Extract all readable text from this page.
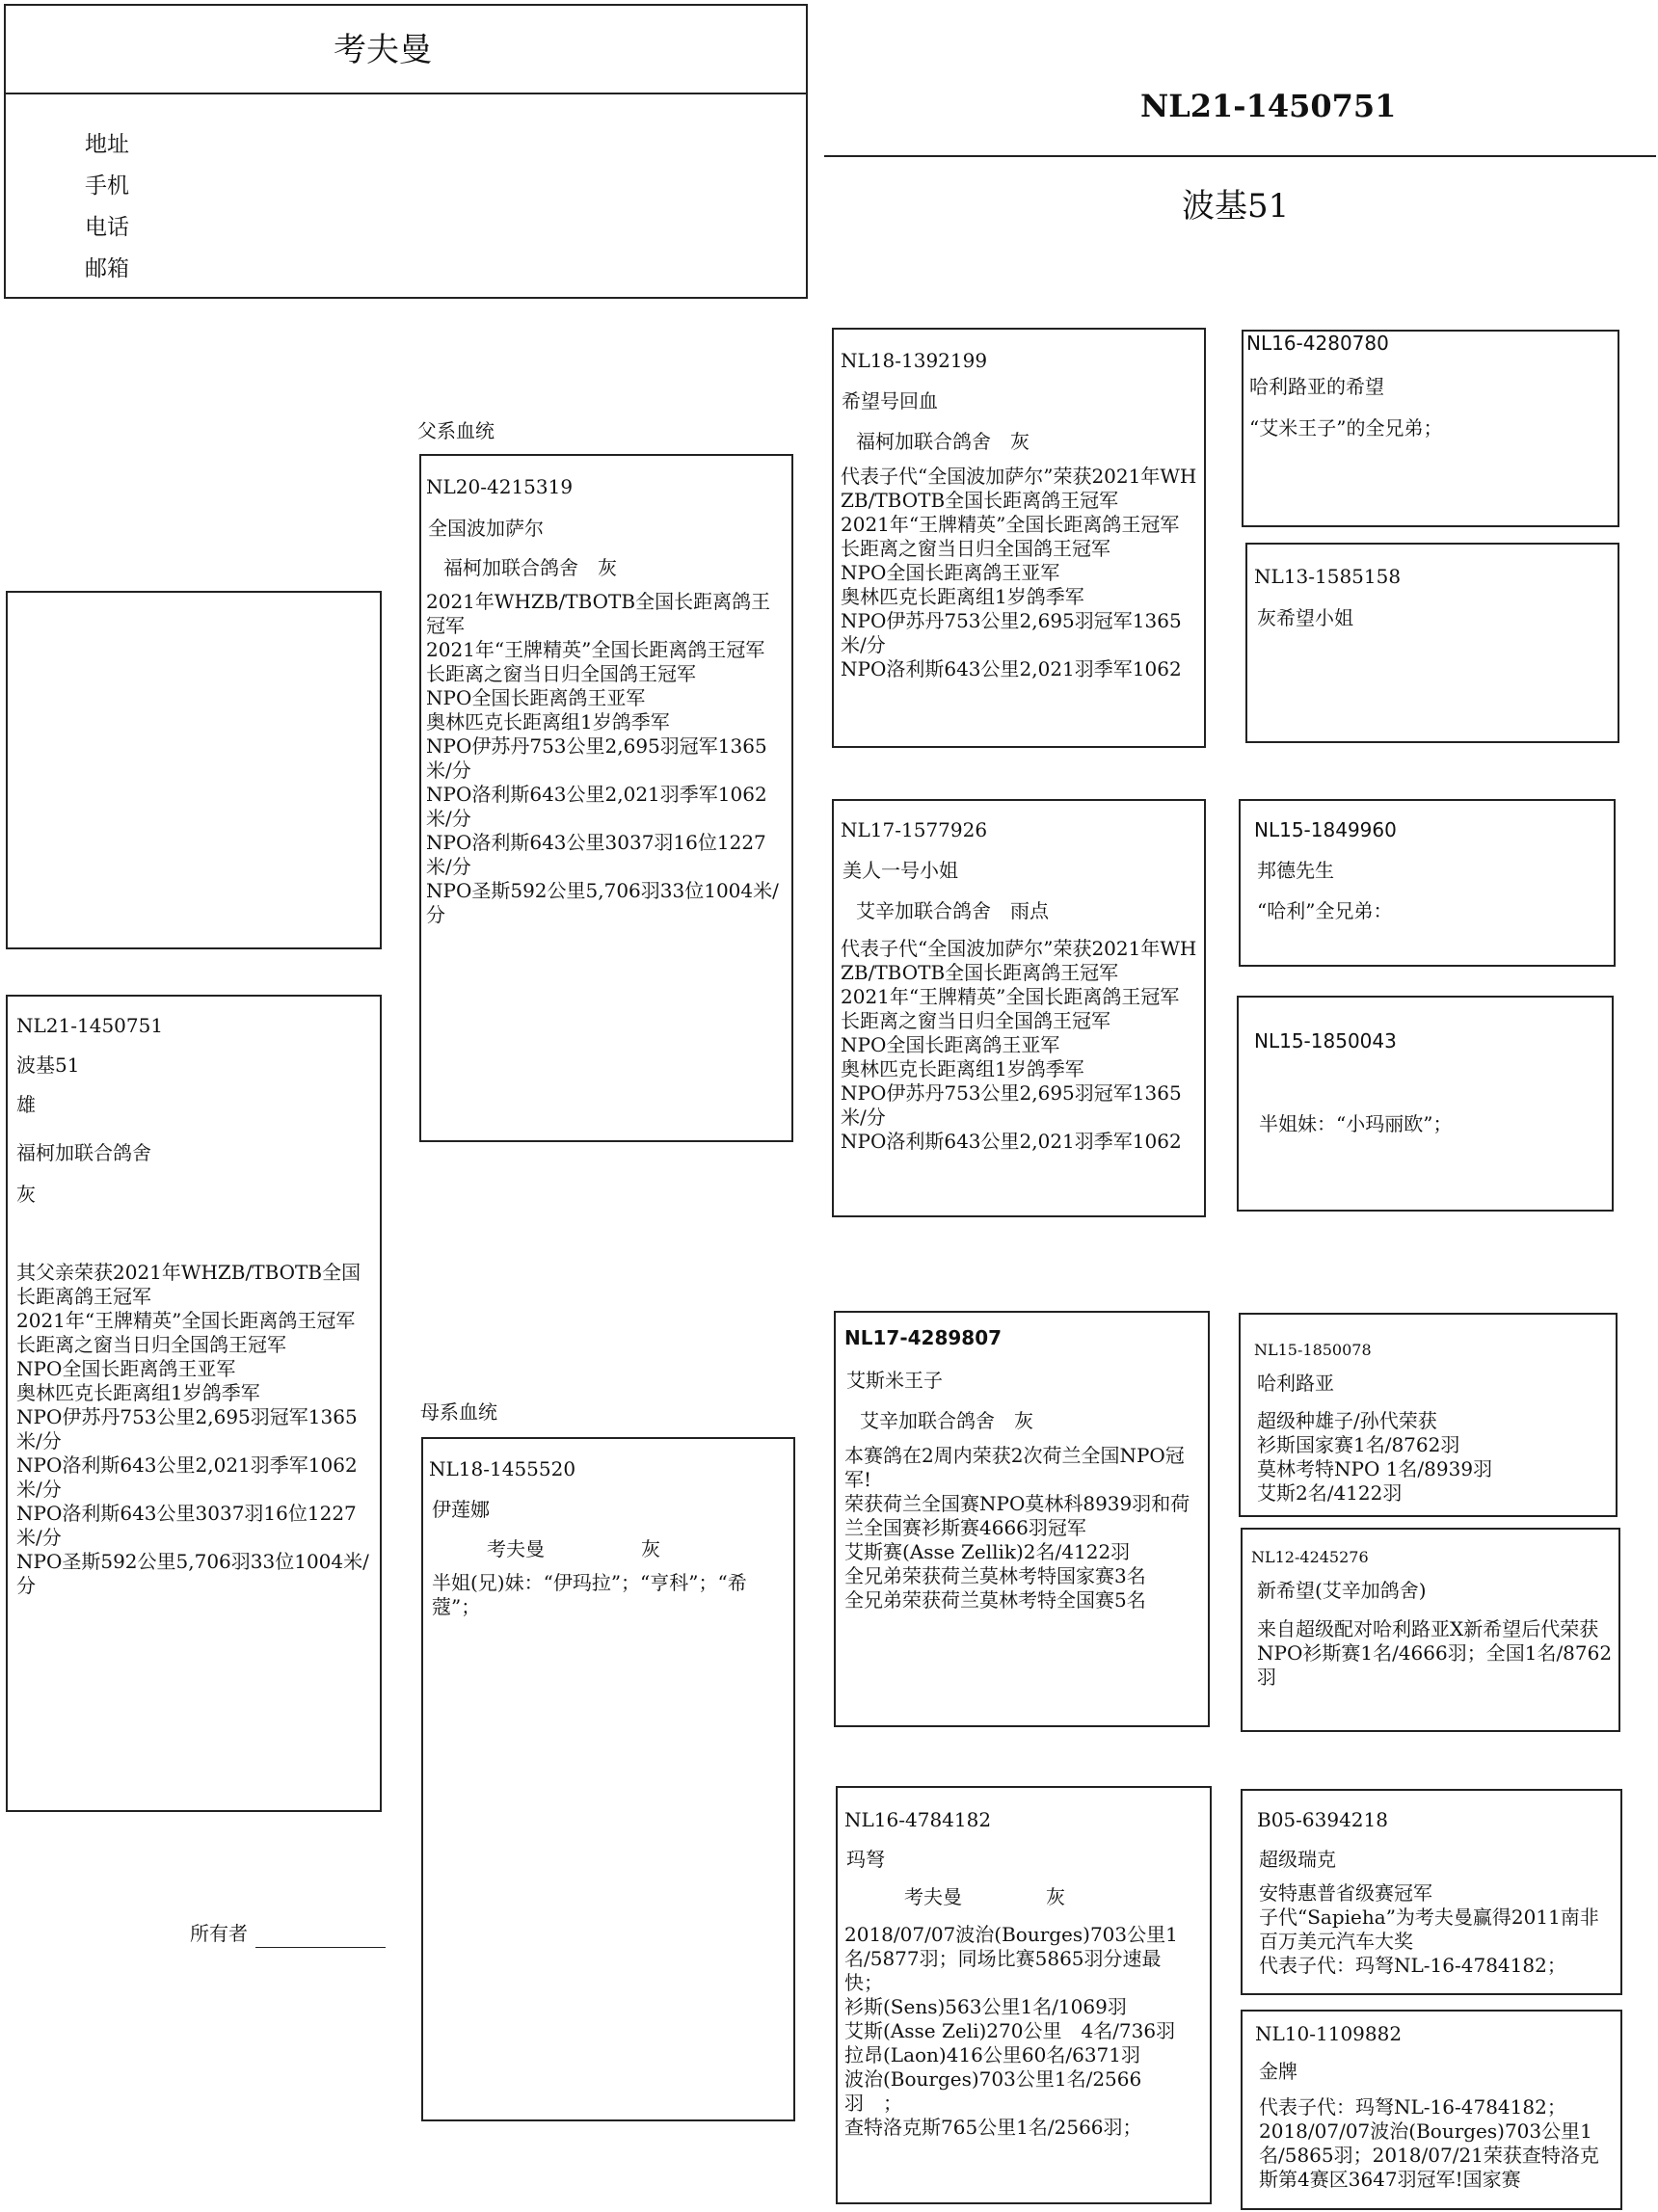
考夫曼
地址
手机
电话
邮箱
NL21-1450751
波基51
NL21-1450751
波基51
雄
福柯加联合鸽舍
灰
其父亲荣获2021年WHZB/TBOTB全国长距离鸽王冠军
2021年“王牌精英”全国长距离鸽王冠军
长距离之窗当日归全国鸽王冠军
NPO全国长距离鸽王亚军
奥林匹克长距离组1岁鸽季军
NPO伊苏丹753公里2,695羽冠军1365米/分
NPO洛利斯643公里2,021羽季军1062米/分
NPO洛利斯643公里3037羽16位1227米/分
NPO圣斯592公里5,706羽33位1004米/分
所有者
父系血统
NL20-4215319
全国波加萨尔
福柯加联合鸽舍　灰
2021年WHZB/TBOTB全国长距离鸽王冠军
2021年“王牌精英”全国长距离鸽王冠军
长距离之窗当日归全国鸽王冠军
NPO全国长距离鸽王亚军
奥林匹克长距离组1岁鸽季军
NPO伊苏丹753公里2,695羽冠军1365米/分
NPO洛利斯643公里2,021羽季军1062米/分
NPO洛利斯643公里3037羽16位1227米/分
NPO圣斯592公里5,706羽33位1004米/分
母系血统
NL18-1455520
伊莲娜
考夫曼	灰
半姐(兄)妹：“伊玛拉”；“亨科”；“希蔻”；
NL18-1392199
希望号回血
福柯加联合鸽舍　灰
代表子代“全国波加萨尔”荣获2021年WHZB/TBOTB全国长距离鸽王冠军
2021年“王牌精英”全国长距离鸽王冠军
长距离之窗当日归全国鸽王冠军
NPO全国长距离鸽王亚军
奥林匹克长距离组1岁鸽季军
NPO伊苏丹753公里2,695羽冠军1365米/分
NPO洛利斯643公里2,021羽季军1062
NL17-1577926
美人一号小姐
艾辛加联合鸽舍　雨点
代表子代“全国波加萨尔”荣获2021年WHZB/TBOTB全国长距离鸽王冠军
2021年“王牌精英”全国长距离鸽王冠军
长距离之窗当日归全国鸽王冠军
NPO全国长距离鸽王亚军
奥林匹克长距离组1岁鸽季军
NPO伊苏丹753公里2,695羽冠军1365米/分
NPO洛利斯643公里2,021羽季军1062
NL17-4289807
艾斯米王子
艾辛加联合鸽舍　灰
本赛鸽在2周内荣获2次荷兰全国NPO冠军!
荣获荷兰全国赛NPO莫林科8939羽和荷兰全国赛衫斯赛4666羽冠军
艾斯赛(Asse Zellik)2名/4122羽
全兄弟荣获荷兰莫林考特国家赛3名
全兄弟荣获荷兰莫林考特全国赛5名
NL16-4784182
玛弩
考夫曼	灰
2018/07/07波治(Bourges)703公里1名/5877羽；同场比赛5865羽分速最快；
衫斯(Sens)563公里1名/1069羽
艾斯(Asse Zeli)270公里　4名/736羽
拉昂(Laon)416公里60名/6371羽
波治(Bourges)703公里1名/2566羽　；
查特洛克斯765公里1名/2566羽；
NL16-4280780
哈利路亚的希望
“艾米王子”的全兄弟；
NL13-1585158
灰希望小姐
NL15-1849960
邦德先生
“哈利”全兄弟：
NL15-1850043
半姐妹：“小玛丽欧”；
NL15-1850078
哈利路亚
超级种雄子/孙代荣获
衫斯国家赛1名/8762羽
莫林考特NPO 1名/8939羽
艾斯2名/4122羽
NL12-4245276
新希望(艾辛加鸽舍)
来自超级配对哈利路亚X新希望后代荣获
NPO衫斯赛1名/4666羽；全国1名/8762羽
B05-6394218
超级瑞克
安特惠普省级赛冠军
子代“Sapieha”为考夫曼赢得2011南非百万美元汽车大奖
代表子代：玛弩NL-16-4784182；
NL10-1109882
金牌
代表子代：玛弩NL-16-4784182；
2018/07/07波治(Bourges)703公里1名/5865羽；2018/07/21荣获查特洛克斯第4赛区3647羽冠军!国家赛
